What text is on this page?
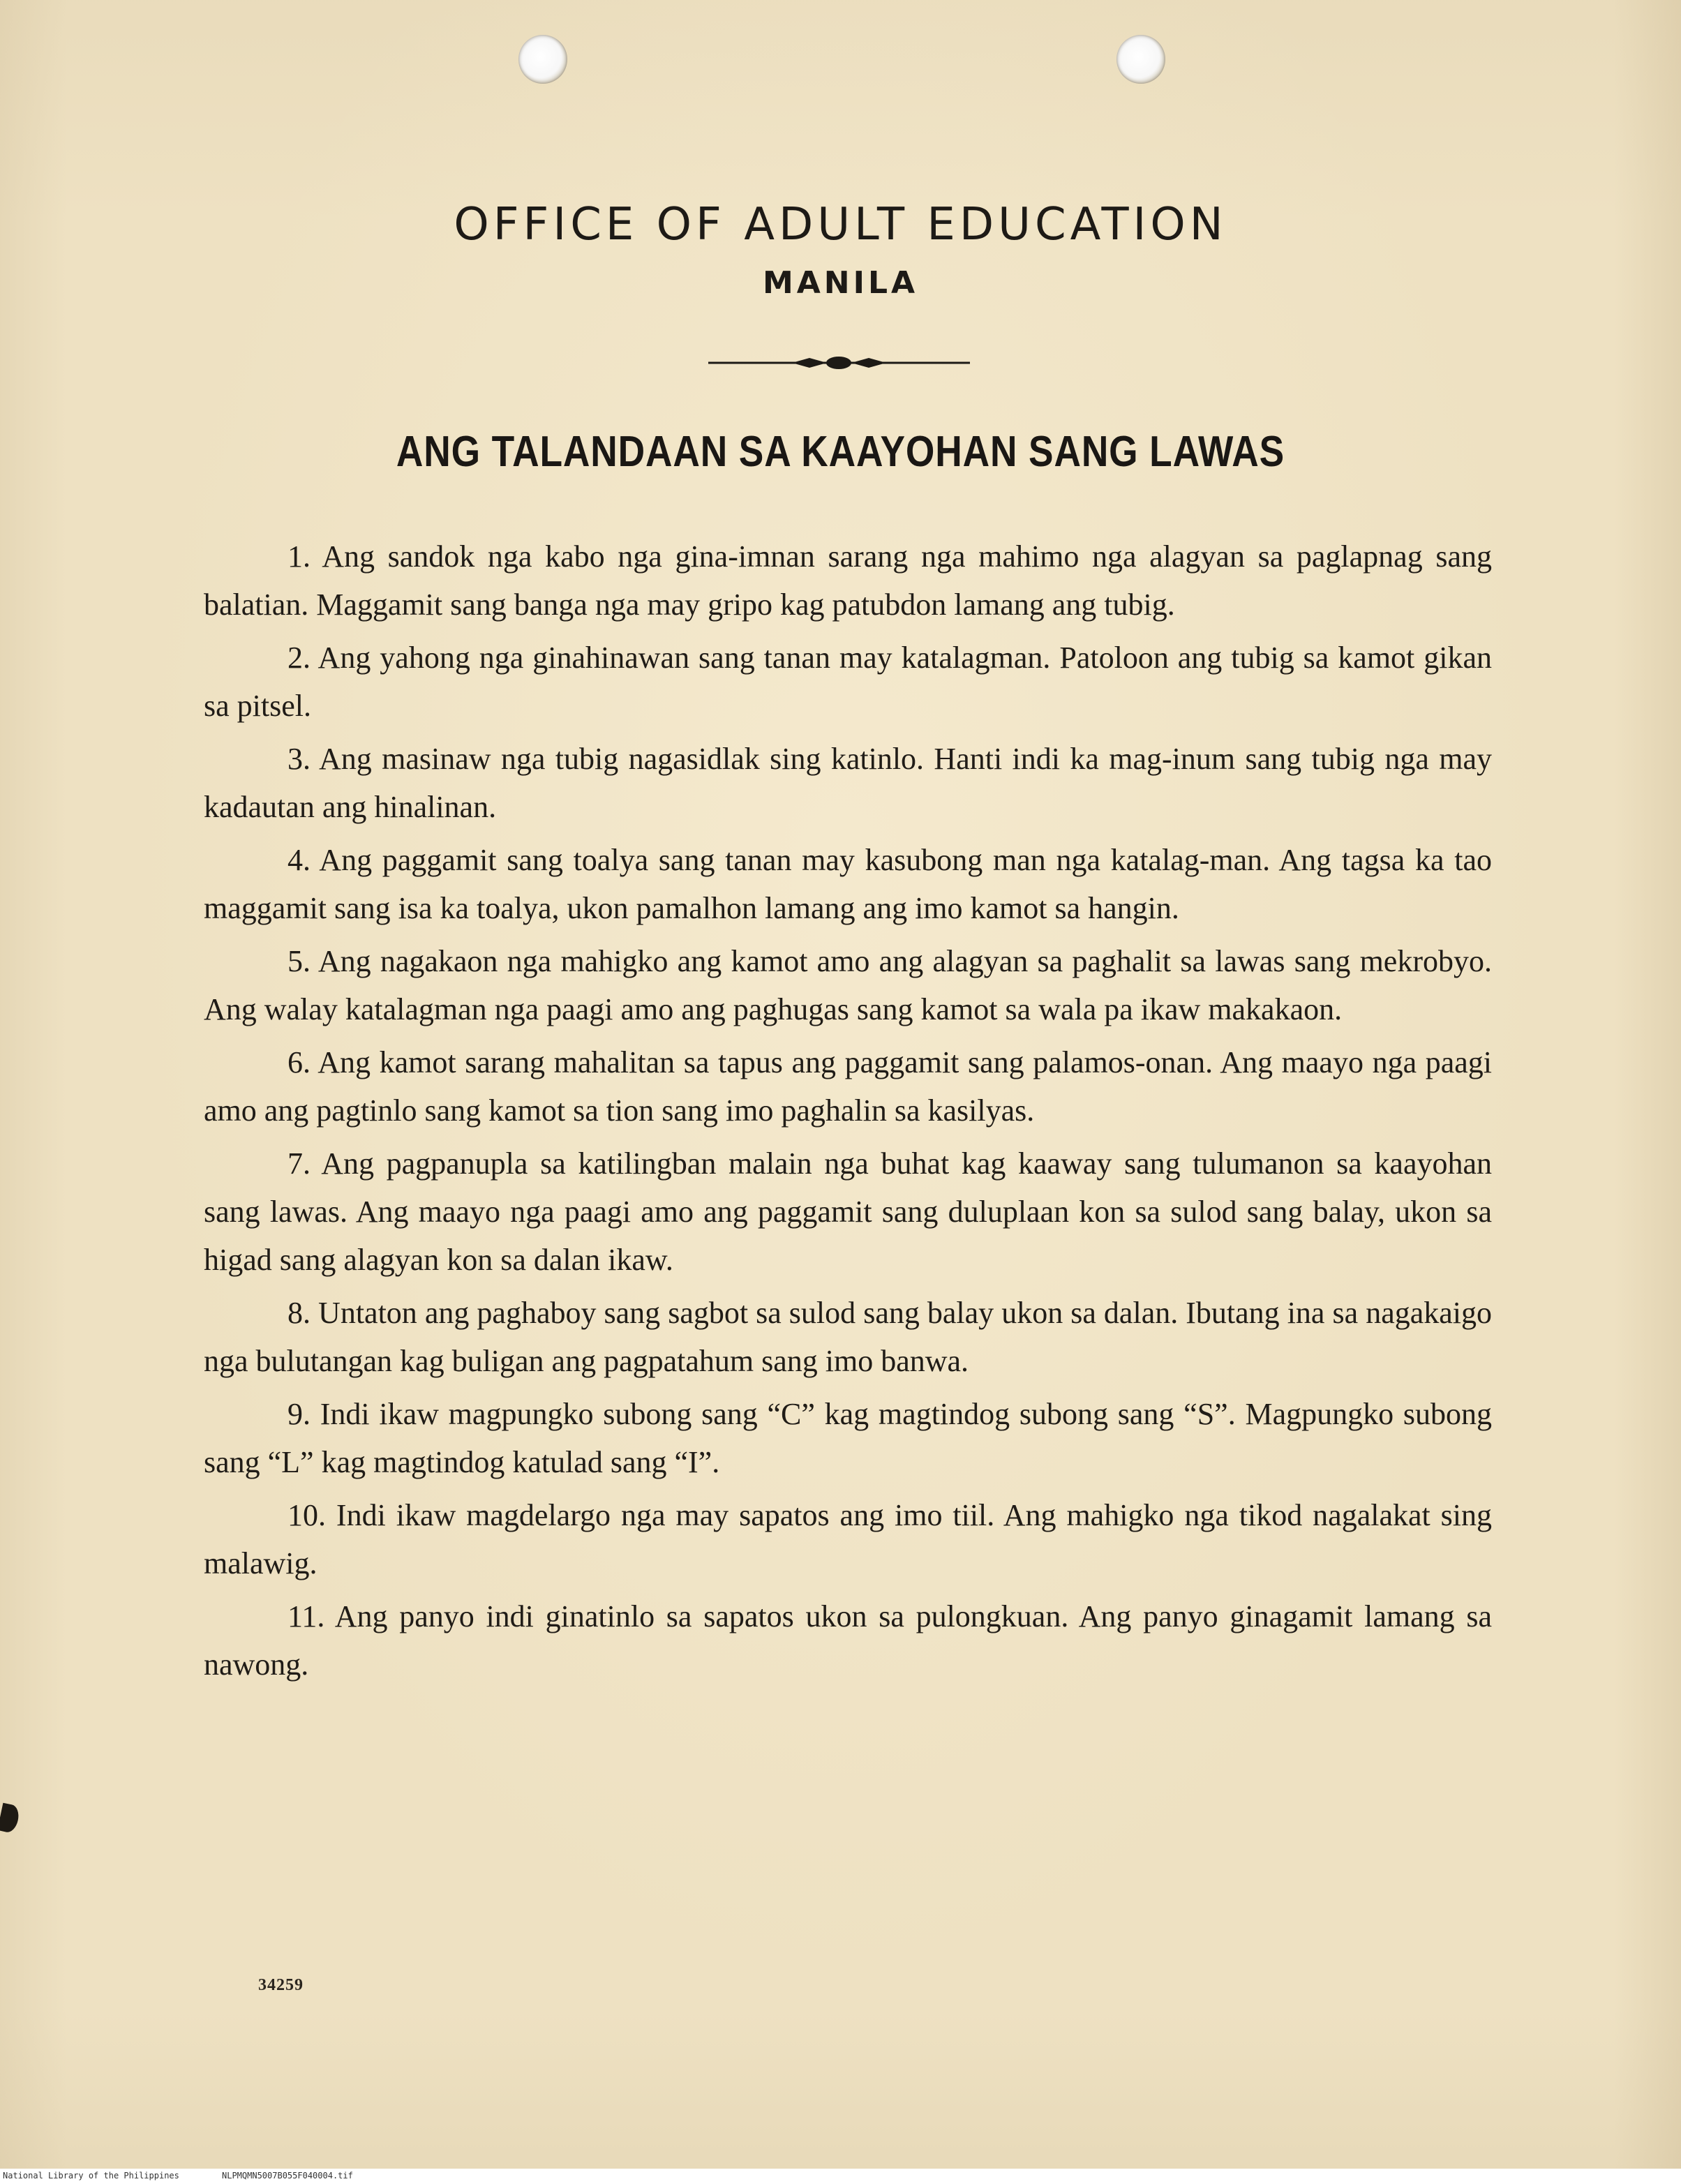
OFFICE OF ADULT EDUCATION
MANILA
ANG TALANDAAN SA KAAYOHAN SANG LAWAS

1. Ang sandok nga kabo nga gina-imnan sarang nga mahimo nga alagyan sa paglapnag sang balatian. Maggamit sang banga nga may gripo kag patubdon lamang ang tubig.

2. Ang yahong nga ginahinawan sang tanan may katalagman. Patoloon ang tubig sa kamot gikan sa pitsel.

3. Ang masinaw nga tubig nagasidlak sing katinlo. Hanti indi ka mag-inum sang tubig nga may kadautan ang hinalinan.

4. Ang paggamit sang toalya sang tanan may kasubong man nga katalag-man. Ang tagsa ka tao maggamit sang isa ka toalya, ukon pamalhon lamang ang imo kamot sa hangin.

5. Ang nagakaon nga mahigko ang kamot amo ang alagyan sa paghalit sa lawas sang mekrobyo. Ang walay katalagman nga paagi amo ang paghugas sang kamot sa wala pa ikaw makakaon.

6. Ang kamot sarang mahalitan sa tapus ang paggamit sang palamos-onan. Ang maayo nga paagi amo ang pagtinlo sang kamot sa tion sang imo paghalin sa kasilyas.

7. Ang pagpanupla sa katilingban malain nga buhat kag kaaway sang tulumanon sa kaayohan sang lawas. Ang maayo nga paagi amo ang paggamit sang duluplaan kon sa sulod sang balay, ukon sa higad sang alagyan kon sa dalan ikaw.

8. Untaton ang paghaboy sang sagbot sa sulod sang balay ukon sa dalan. Ibutang ina sa nagakaigo nga bulutangan kag buligan ang pagpatahum sang imo banwa.

9. Indi ikaw magpungko subong sang “C” kag magtindog subong sang “S”. Magpungko subong sang “L” kag magtindog katulad sang “I”.

10. Indi ikaw magdelargo nga may sapatos ang imo tiil. Ang mahigko nga tikod nagalakat sing malawig.

11. Ang panyo indi ginatinlo sa sapatos ukon sa pulongkuan. Ang panyo ginagamit lamang sa nawong.

34259
National Library of the Philippines	NLPMQMN5007B055F040004.tif
